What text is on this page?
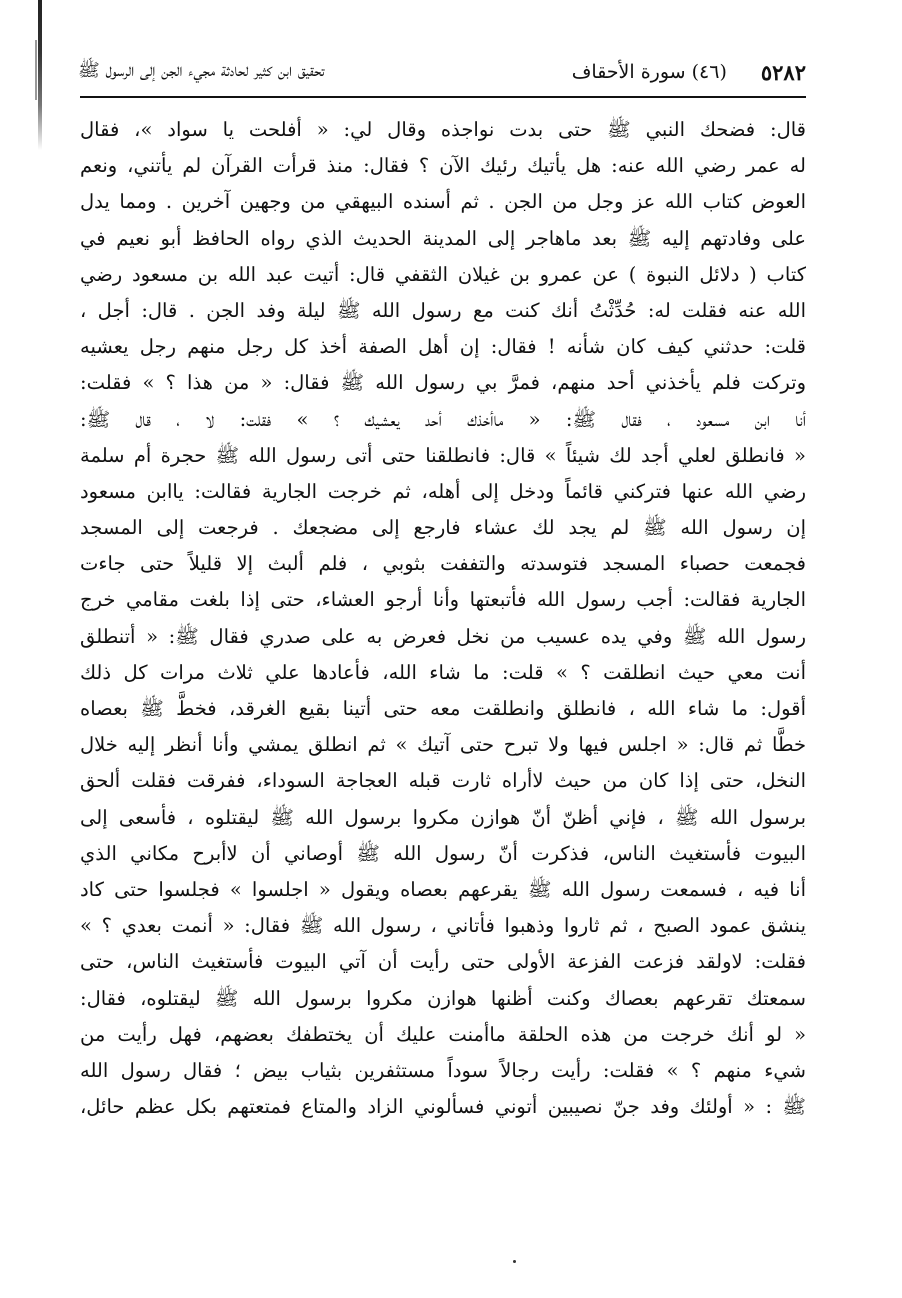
٥٢٨٢
(٤٦) سورة الأحقاف
تحقيق ابن كثير لحادثة مجيء الجن إلى الرسول ﷺ
قال: فضحك النبي ﷺ حتى بدت نواجذه وقال لي: « أفلحت يا سواد »، فقال
له عمر رضي الله عنه: هل يأتيك رئيك الآن ؟ فقال: منذ قرأت القرآن لم يأتني، ونعم
العوض كتاب الله عز وجل من الجن . ثم أسنده البيهقي من وجهين آخرين . ومما يدل
على وفادتهم إليه ﷺ بعد ماهاجر إلى المدينة الحديث الذي رواه الحافظ أبو نعيم في
كتاب ( دلائل النبوة ) عن عمرو بن غيلان الثقفي قال: أتيت عبد الله بن مسعود رضي
الله عنه فقلت له: حُدِّثْتُ أنك كنت مع رسول الله ﷺ ليلة وفد الجن . قال: أجل ،
قلت: حدثني كيف كان شأنه ! فقال: إن أهل الصفة أخذ كل رجل منهم رجل يعشيه
وتركت فلم يأخذني أحد منهم، فمرَّ بي رسول الله ﷺ فقال: « من هذا ؟ » فقلت:
أنا ابن مسعود ، فقال ﷺ: « ماأخذك أحد يعشيك ؟ » فقلت: لا ، قال ﷺ:
« فانطلق لعلي أجد لك شيئاً » قال: فانطلقنا حتى أتى رسول الله ﷺ حجرة أم سلمة
رضي الله عنها فتركني قائماً ودخل إلى أهله، ثم خرجت الجارية فقالت: ياابن مسعود
إن رسول الله ﷺ لم يجد لك عشاء فارجع إلى مضجعك . فرجعت إلى المسجد
فجمعت حصباء المسجد فتوسدته والتففت بثوبي ، فلم ألبث إلا قليلاً حتى جاءت
الجارية فقالت: أجب رسول الله فأتبعتها وأنا أرجو العشاء، حتى إذا بلغت مقامي خرج
رسول الله ﷺ وفي يده عسيب من نخل فعرض به على صدري فقال ﷺ: « أتنطلق
أنت معي حيث انطلقت ؟ » قلت: ما شاء الله، فأعادها علي ثلاث مرات كل ذلك
أقول: ما شاء الله ، فانطلق وانطلقت معه حتى أتينا بقيع الغرقد، فخطَّ ﷺ بعصاه
خطًّا ثم قال: « اجلس فيها ولا تبرح حتى آتيك » ثم انطلق يمشي وأنا أنظر إليه خلال
النخل، حتى إذا كان من حيث لاأراه ثارت قبله العجاجة السوداء، ففرقت فقلت ألحق
برسول الله ﷺ ، فإني أظنّ أنّ هوازن مكروا برسول الله ﷺ ليقتلوه ، فأسعى إلى
البيوت فأستغيث الناس، فذكرت أنّ رسول الله ﷺ أوصاني أن لاأبرح مكاني الذي
أنا فيه ، فسمعت رسول الله ﷺ يقرعهم بعصاه ويقول « اجلسوا » فجلسوا حتى كاد
ينشق عمود الصبح ، ثم ثاروا وذهبوا فأتاني ، رسول الله ﷺ فقال: « أنمت بعدي ؟ »
فقلت: لاولقد فزعت الفزعة الأولى حتى رأيت أن آتي البيوت فأستغيث الناس، حتى
سمعتك تقرعهم بعصاك وكنت أظنها هوازن مكروا برسول الله ﷺ ليقتلوه، فقال:
« لو أنك خرجت من هذه الحلقة ماأمنت عليك أن يختطفك بعضهم، فهل رأيت من
شيء منهم ؟ » فقلت: رأيت رجالاً سوداً مستثفرين بثياب بيض ؛ فقال رسول الله
ﷺ : « أولئك وفد جنّ نصيبين أتوني فسألوني الزاد والمتاع فمتعتهم بكل عظم حائل،
